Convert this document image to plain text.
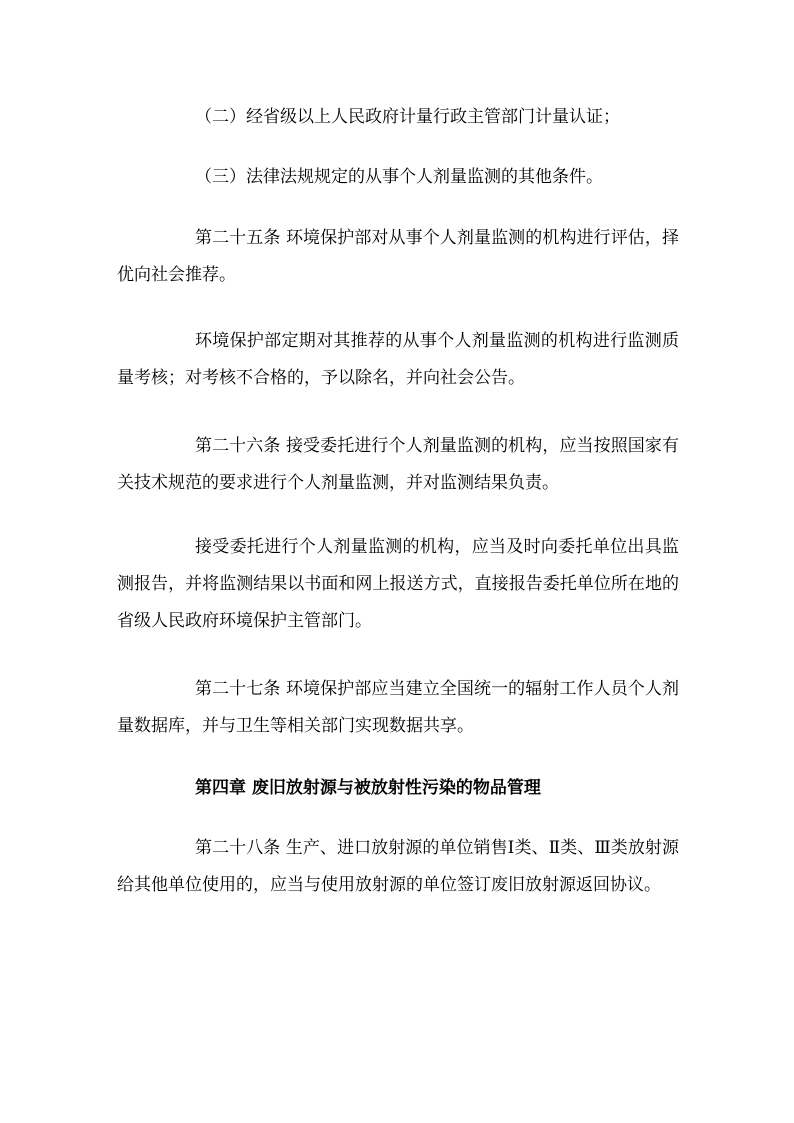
（二）经省级以上人民政府计量行政主管部门计量认证；

（三）法律法规规定的从事个人剂量监测的其他条件。

第二十五条 环境保护部对从事个人剂量监测的机构进行评估，择优向社会推荐。

环境保护部定期对其推荐的从事个人剂量监测的机构进行监测质量考核；对考核不合格的，予以除名，并向社会公告。

第二十六条 接受委托进行个人剂量监测的机构，应当按照国家有关技术规范的要求进行个人剂量监测，并对监测结果负责。

接受委托进行个人剂量监测的机构，应当及时向委托单位出具监测报告，并将监测结果以书面和网上报送方式，直接报告委托单位所在地的省级人民政府环境保护主管部门。

第二十七条 环境保护部应当建立全国统一的辐射工作人员个人剂量数据库，并与卫生等相关部门实现数据共享。

第四章 废旧放射源与被放射性污染的物品管理

第二十八条 生产、进口放射源的单位销售Ⅰ类、Ⅱ类、Ⅲ类放射源给其他单位使用的，应当与使用放射源的单位签订废旧放射源返回协议。
